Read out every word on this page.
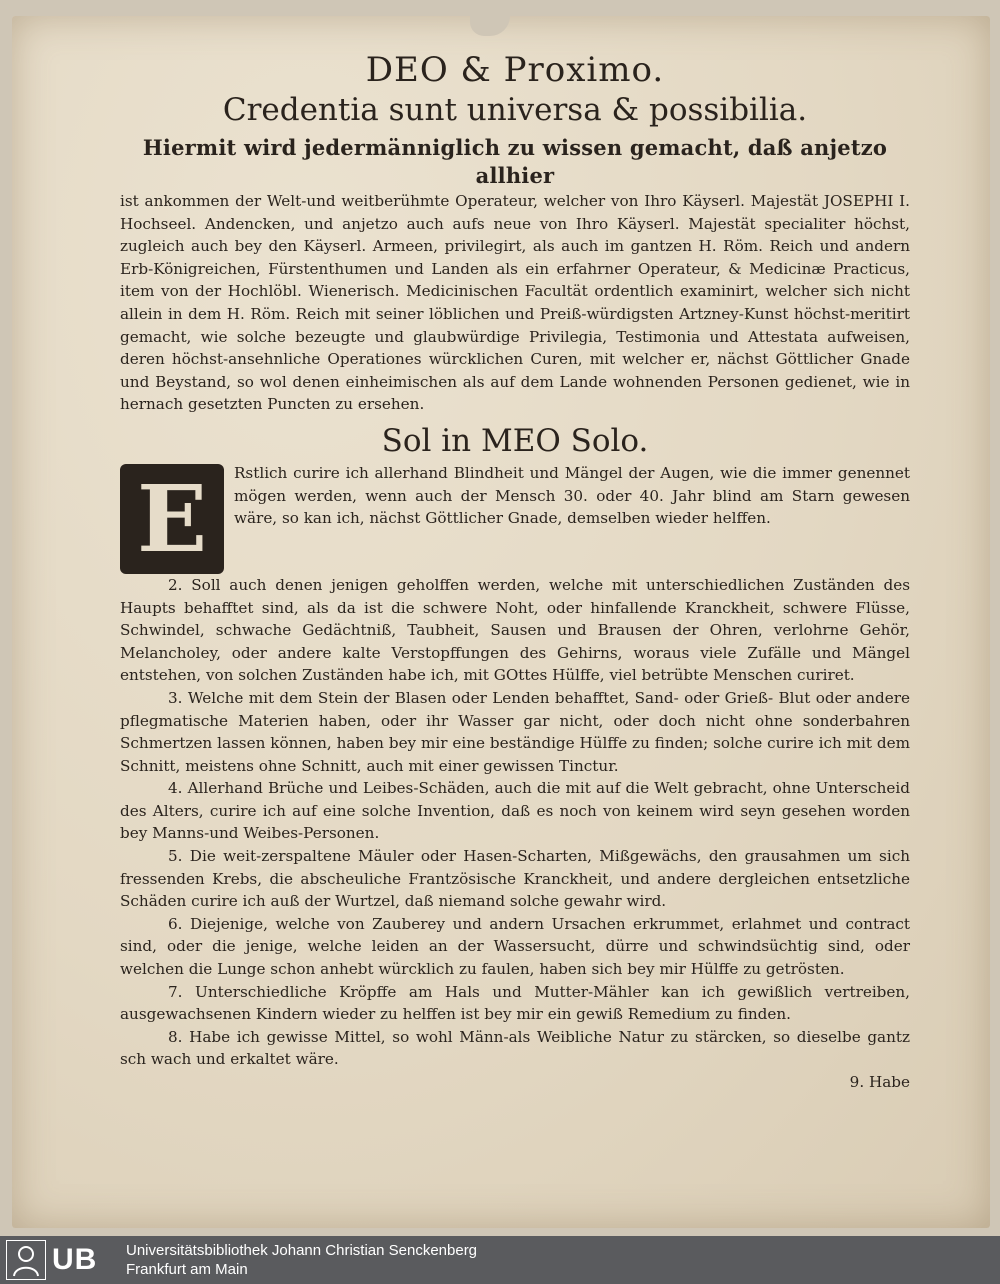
DEO & Proximo.

Credentia sunt universa & possibilia.

Hiermit wird jedermänniglich zu wissen gemacht, daß anjetzo allhier

ist ankommen der Welt-und weitberühmte Operateur, welcher von Ihro Käyserl. Majestät JOSEPHI I. Hochseel. Andencken, und anjetzo auch aufs neue von Ihro Käyserl. Majestät specialiter höchst, zugleich auch bey den Käyserl. Armeen, privilegirt, als auch im gantzen H. Röm. Reich und andern Erb-Königreichen, Fürstenthumen und Landen als ein erfahrner Operateur, & Medicinæ Practicus, item von der Hochlöbl. Wienerisch. Medicinischen Facultät ordentlich examinirt, welcher sich nicht allein in dem H. Röm. Reich mit seiner löblichen und Preiß-würdigsten Artzney-Kunst höchst-meritirt gemacht, wie solche bezeugte und glaubwürdige Privilegia, Testimonia und Attestata aufweisen, deren höchst-ansehnliche Operationes würcklichen Curen, mit welcher er, nächst Göttlicher Gnade und Beystand, so wol denen einheimischen als auf dem Lande wohnenden Personen gedienet, wie in hernach gesetzten Puncten zu ersehen.

Sol in MEO Solo.

E	Rstlich curire ich allerhand Blindheit und Mängel der Augen, wie die immer genennet mögen werden, wenn auch der Mensch 30. oder 40. Jahr blind am Starn gewesen wäre, so kan ich, nächst Göttlicher Gnade, demselben wieder helffen.

2. Soll auch denen jenigen geholffen werden, welche mit unterschiedlichen Zuständen des Haupts behafftet sind, als da ist die schwere Noht, oder hinfallende Kranckheit, schwere Flüsse, Schwindel, schwache Gedächtniß, Taubheit, Sausen und Brausen der Ohren, verlohrne Gehör, Melancholey, oder andere kalte Verstopffungen des Gehirns, woraus viele Zufälle und Mängel entstehen, von solchen Zuständen habe ich, mit GOttes Hülffe, viel betrübte Menschen curiret.

3. Welche mit dem Stein der Blasen oder Lenden behafftet, Sand- oder Grieß- Blut oder andere pflegmatische Materien haben, oder ihr Wasser gar nicht, oder doch nicht ohne sonderbahren Schmertzen lassen können, haben bey mir eine beständige Hülffe zu finden; solche curire ich mit dem Schnitt, meistens ohne Schnitt, auch mit einer gewissen Tinctur.

4. Allerhand Brüche und Leibes-Schäden, auch die mit auf die Welt gebracht, ohne Unterscheid des Alters, curire ich auf eine solche Invention, daß es noch von keinem wird seyn gesehen worden bey Manns-und Weibes-Personen.

5. Die weit-zerspaltene Mäuler oder Hasen-Scharten, Mißgewächs, den grausahmen um sich fressenden Krebs, die abscheuliche Frantzösische Kranckheit, und andere dergleichen entsetzliche Schäden curire ich auß der Wurtzel, daß niemand solche gewahr wird.

6. Diejenige, welche von Zauberey und andern Ursachen erkrummet, erlahmet und contract sind, oder die jenige, welche leiden an der Wassersucht, dürre und schwindsüchtig sind, oder welchen die Lunge schon anhebt würcklich zu faulen, haben sich bey mir Hülffe zu getrösten.

7. Unterschiedliche Kröpffe am Hals und Mutter-Mähler kan ich gewißlich vertreiben, ausgewachsenen Kindern wieder zu helffen ist bey mir ein gewiß Remedium zu finden.

8. Habe ich gewisse Mittel, so wohl Männ-als Weibliche Natur zu stärcken, so dieselbe gantz sch wach und erkaltet wäre.

9. Habe
UB Universitätsbibliothek Johann Christian Senckenberg
Frankfurt am Main
